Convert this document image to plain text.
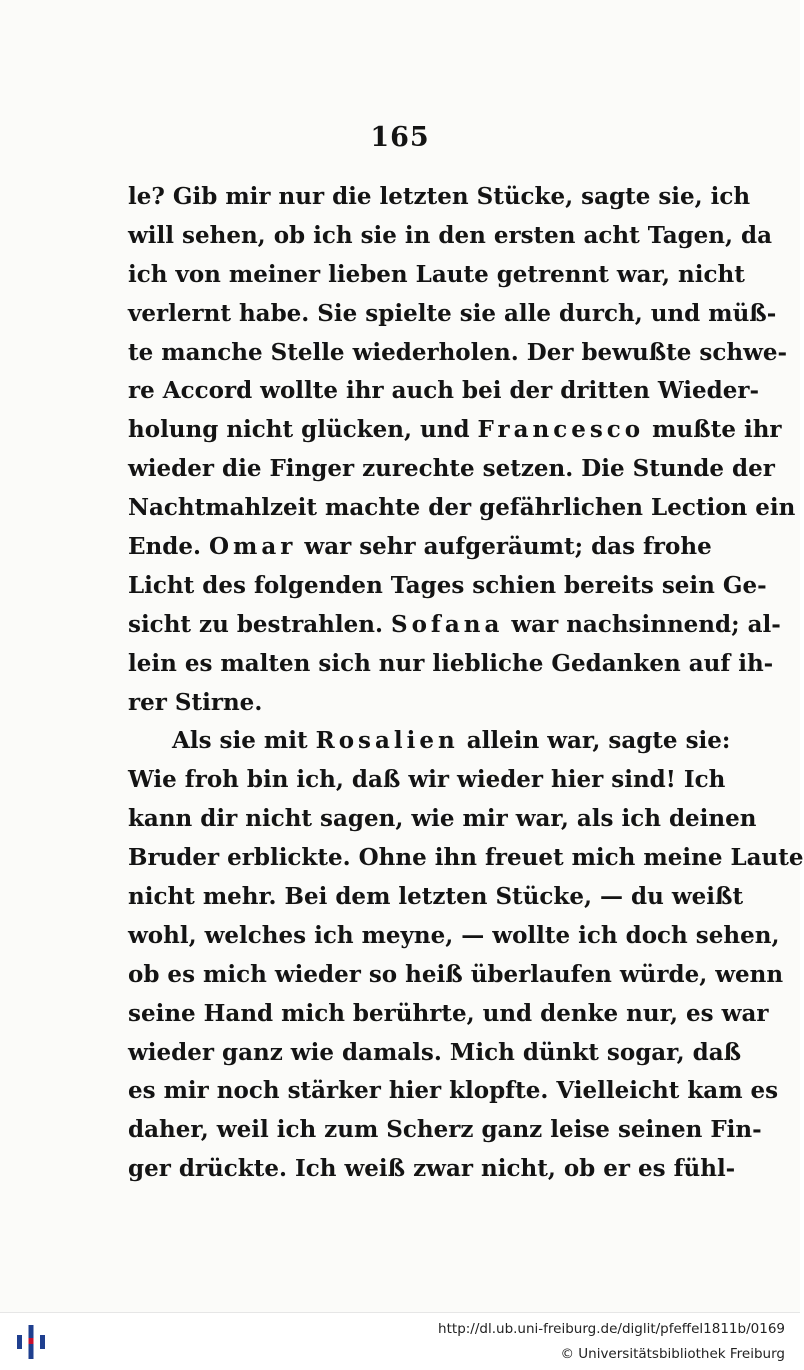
165
le? Gib mir nur die letzten Stücke, sagte sie, ich
will sehen, ob ich sie in den ersten acht Tagen, da
ich von meiner lieben Laute getrennt war, nicht
verlernt habe. Sie spielte sie alle durch, und müß-
te manche Stelle wiederholen. Der bewußte schwe-
re Accord wollte ihr auch bei der dritten Wieder-
holung nicht glücken, und Francesco mußte ihr
wieder die Finger zurechte setzen. Die Stunde der
Nachtmahlzeit machte der gefährlichen Lection ein
Ende. Omar war sehr aufgeräumt; das frohe
Licht des folgenden Tages schien bereits sein Ge-
sicht zu bestrahlen. Sofana war nachsinnend; al-
lein es malten sich nur liebliche Gedanken auf ih-
rer Stirne.
Als sie mit Rosalien allein war, sagte sie:
Wie froh bin ich, daß wir wieder hier sind! Ich
kann dir nicht sagen, wie mir war, als ich deinen
Bruder erblickte. Ohne ihn freuet mich meine Laute
nicht mehr. Bei dem letzten Stücke, — du weißt
wohl, welches ich meyne, — wollte ich doch sehen,
ob es mich wieder so heiß überlaufen würde, wenn
seine Hand mich berührte, und denke nur, es war
wieder ganz wie damals. Mich dünkt sogar, daß
es mir noch stärker hier klopfte. Vielleicht kam es
daher, weil ich zum Scherz ganz leise seinen Fin-
ger drückte. Ich weiß zwar nicht, ob er es fühl-
http://dl.ub.uni-freiburg.de/diglit/pfeffel1811b/0169
© Universitätsbibliothek Freiburg
